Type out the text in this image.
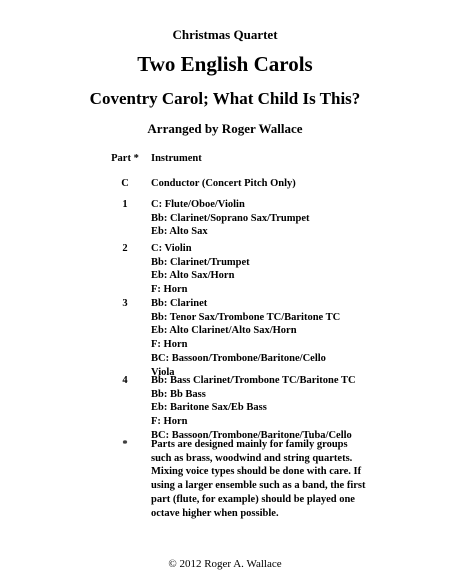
Christmas Quartet
Two English Carols
Coventry Carol; What Child Is This?
Arranged by Roger Wallace
Part *	Instrument
C	Conductor (Concert Pitch Only)
1	C: Flute/Oboe/Violin
Bb: Clarinet/Soprano Sax/Trumpet
Eb: Alto Sax
2	C: Violin
Bb: Clarinet/Trumpet
Eb: Alto Sax/Horn
F: Horn
3	Bb: Clarinet
Bb: Tenor Sax/Trombone TC/Baritone TC
Eb: Alto Clarinet/Alto Sax/Horn
F: Horn
BC: Bassoon/Trombone/Baritone/Cello
Viola
4	Bb: Bass Clarinet/Trombone TC/Baritone TC
Bb: Bb Bass
Eb: Baritone Sax/Eb Bass
F: Horn
BC: Bassoon/Trombone/Baritone/Tuba/Cello
*	Parts are designed mainly for family groups such as brass, woodwind and string quartets. Mixing voice types should be done with care. If using a larger ensemble such as a band, the first part (flute, for example) should be played one octave higher when possible.
© 2012 Roger A. Wallace
